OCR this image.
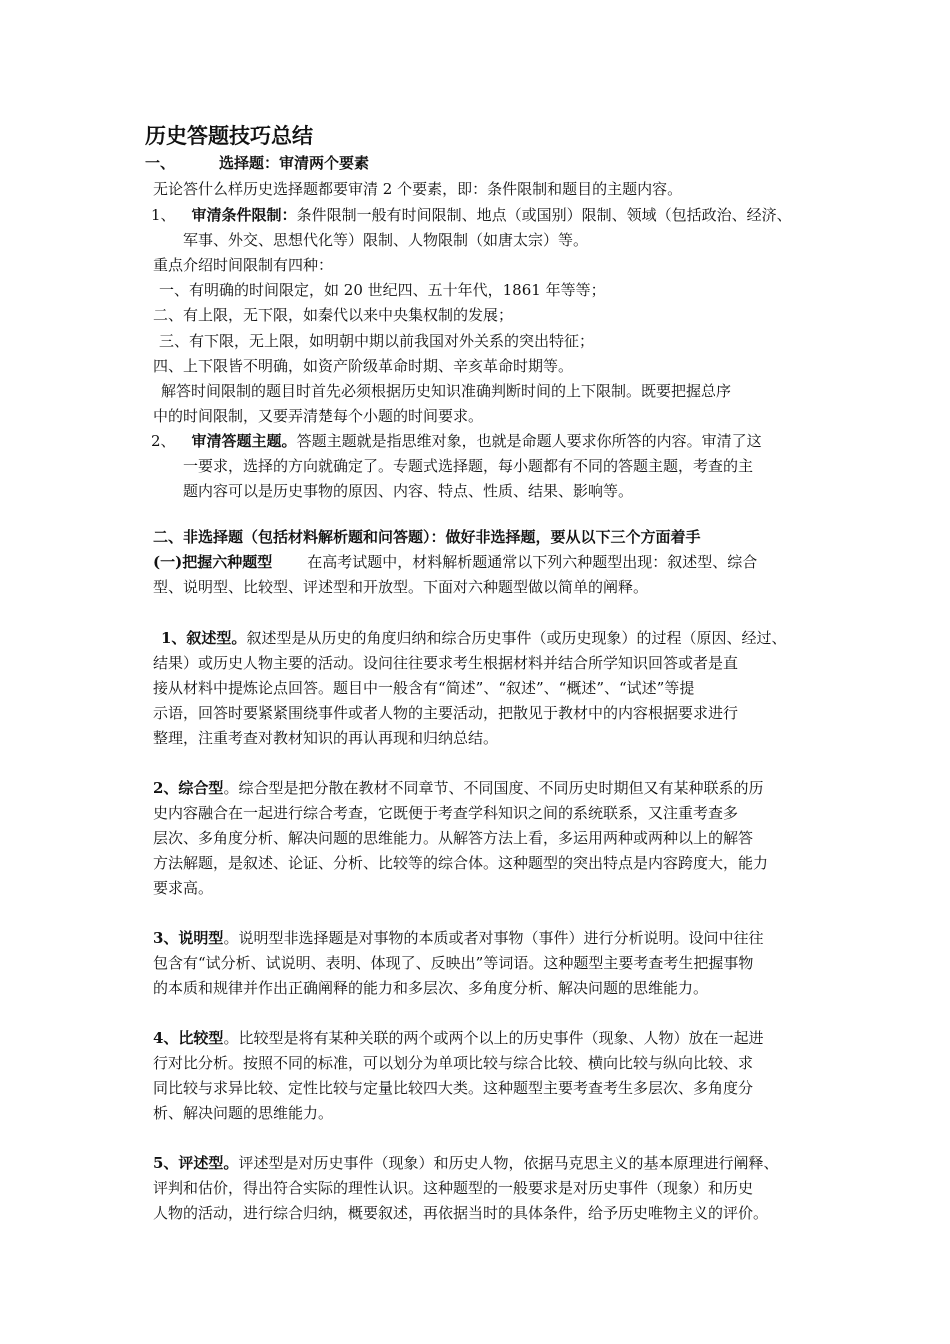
历史答题技巧总结
一、	选择题：审清两个要素
无论答什么样历史选择题都要审清 2 个要素，即：条件限制和题目的主题内容。
1、 审清条件限制：条件限制一般有时间限制、地点（或国别）限制、领域（包括政治、经济、
军事、外交、思想代化等）限制、人物限制（如唐太宗）等。
重点介绍时间限制有四种：
一、有明确的时间限定，如 20 世纪四、五十年代，1861 年等等；
二、有上限，无下限，如秦代以来中央集权制的发展；
三、有下限，无上限，如明朝中期以前我国对外关系的突出特征；
四、上下限皆不明确，如资产阶级革命时期、辛亥革命时期等。
解答时间限制的题目时首先必须根据历史知识准确判断时间的上下限制。既要把握总序
中的时间限制，又要弄清楚每个小题的时间要求。
2、 审清答题主题。答题主题就是指思维对象，也就是命题人要求你所答的内容。审清了这
一要求，选择的方向就确定了。专题式选择题，每小题都有不同的答题主题，考查的主
题内容可以是历史事物的原因、内容、特点、性质、结果、影响等。
二、非选择题（包括材料解析题和问答题）：做好非选择题，要从以下三个方面着手
(一)把握六种题型 在高考试题中，材料解析题通常以下列六种题型出现：叙述型、综合
型、说明型、比较型、评述型和开放型。下面对六种题型做以简单的阐释。
1、叙述型。叙述型是从历史的角度归纳和综合历史事件（或历史现象）的过程（原因、经过、
结果）或历史人物主要的活动。设问往往要求考生根据材料并结合所学知识回答或者是直
接从材料中提炼论点回答。题目中一般含有“简述”、“叙述”、“概述”、“试述”等提
示语，回答时要紧紧围绕事件或者人物的主要活动，把散见于教材中的内容根据要求进行
整理，注重考查对教材知识的再认再现和归纳总结。
2、综合型。综合型是把分散在教材不同章节、不同国度、不同历史时期但又有某种联系的历
史内容融合在一起进行综合考查，它既便于考查学科知识之间的系统联系，又注重考查多
层次、多角度分析、解决问题的思维能力。从解答方法上看，多运用两种或两种以上的解答
方法解题，是叙述、论证、分析、比较等的综合体。这种题型的突出特点是内容跨度大，能力
要求高。
3、说明型。说明型非选择题是对事物的本质或者对事物（事件）进行分析说明。设问中往往
包含有“试分析、试说明、表明、体现了、反映出”等词语。这种题型主要考查考生把握事物
的本质和规律并作出正确阐释的能力和多层次、多角度分析、解决问题的思维能力。
4、比较型。比较型是将有某种关联的两个或两个以上的历史事件（现象、人物）放在一起进
行对比分析。按照不同的标准，可以划分为单项比较与综合比较、横向比较与纵向比较、求
同比较与求异比较、定性比较与定量比较四大类。这种题型主要考查考生多层次、多角度分
析、解决问题的思维能力。
5、评述型。评述型是对历史事件（现象）和历史人物，依据马克思主义的基本原理进行阐释、
评判和估价，得出符合实际的理性认识。这种题型的一般要求是对历史事件（现象）和历史
人物的活动，进行综合归纳，概要叙述，再依据当时的具体条件，给予历史唯物主义的评价。
